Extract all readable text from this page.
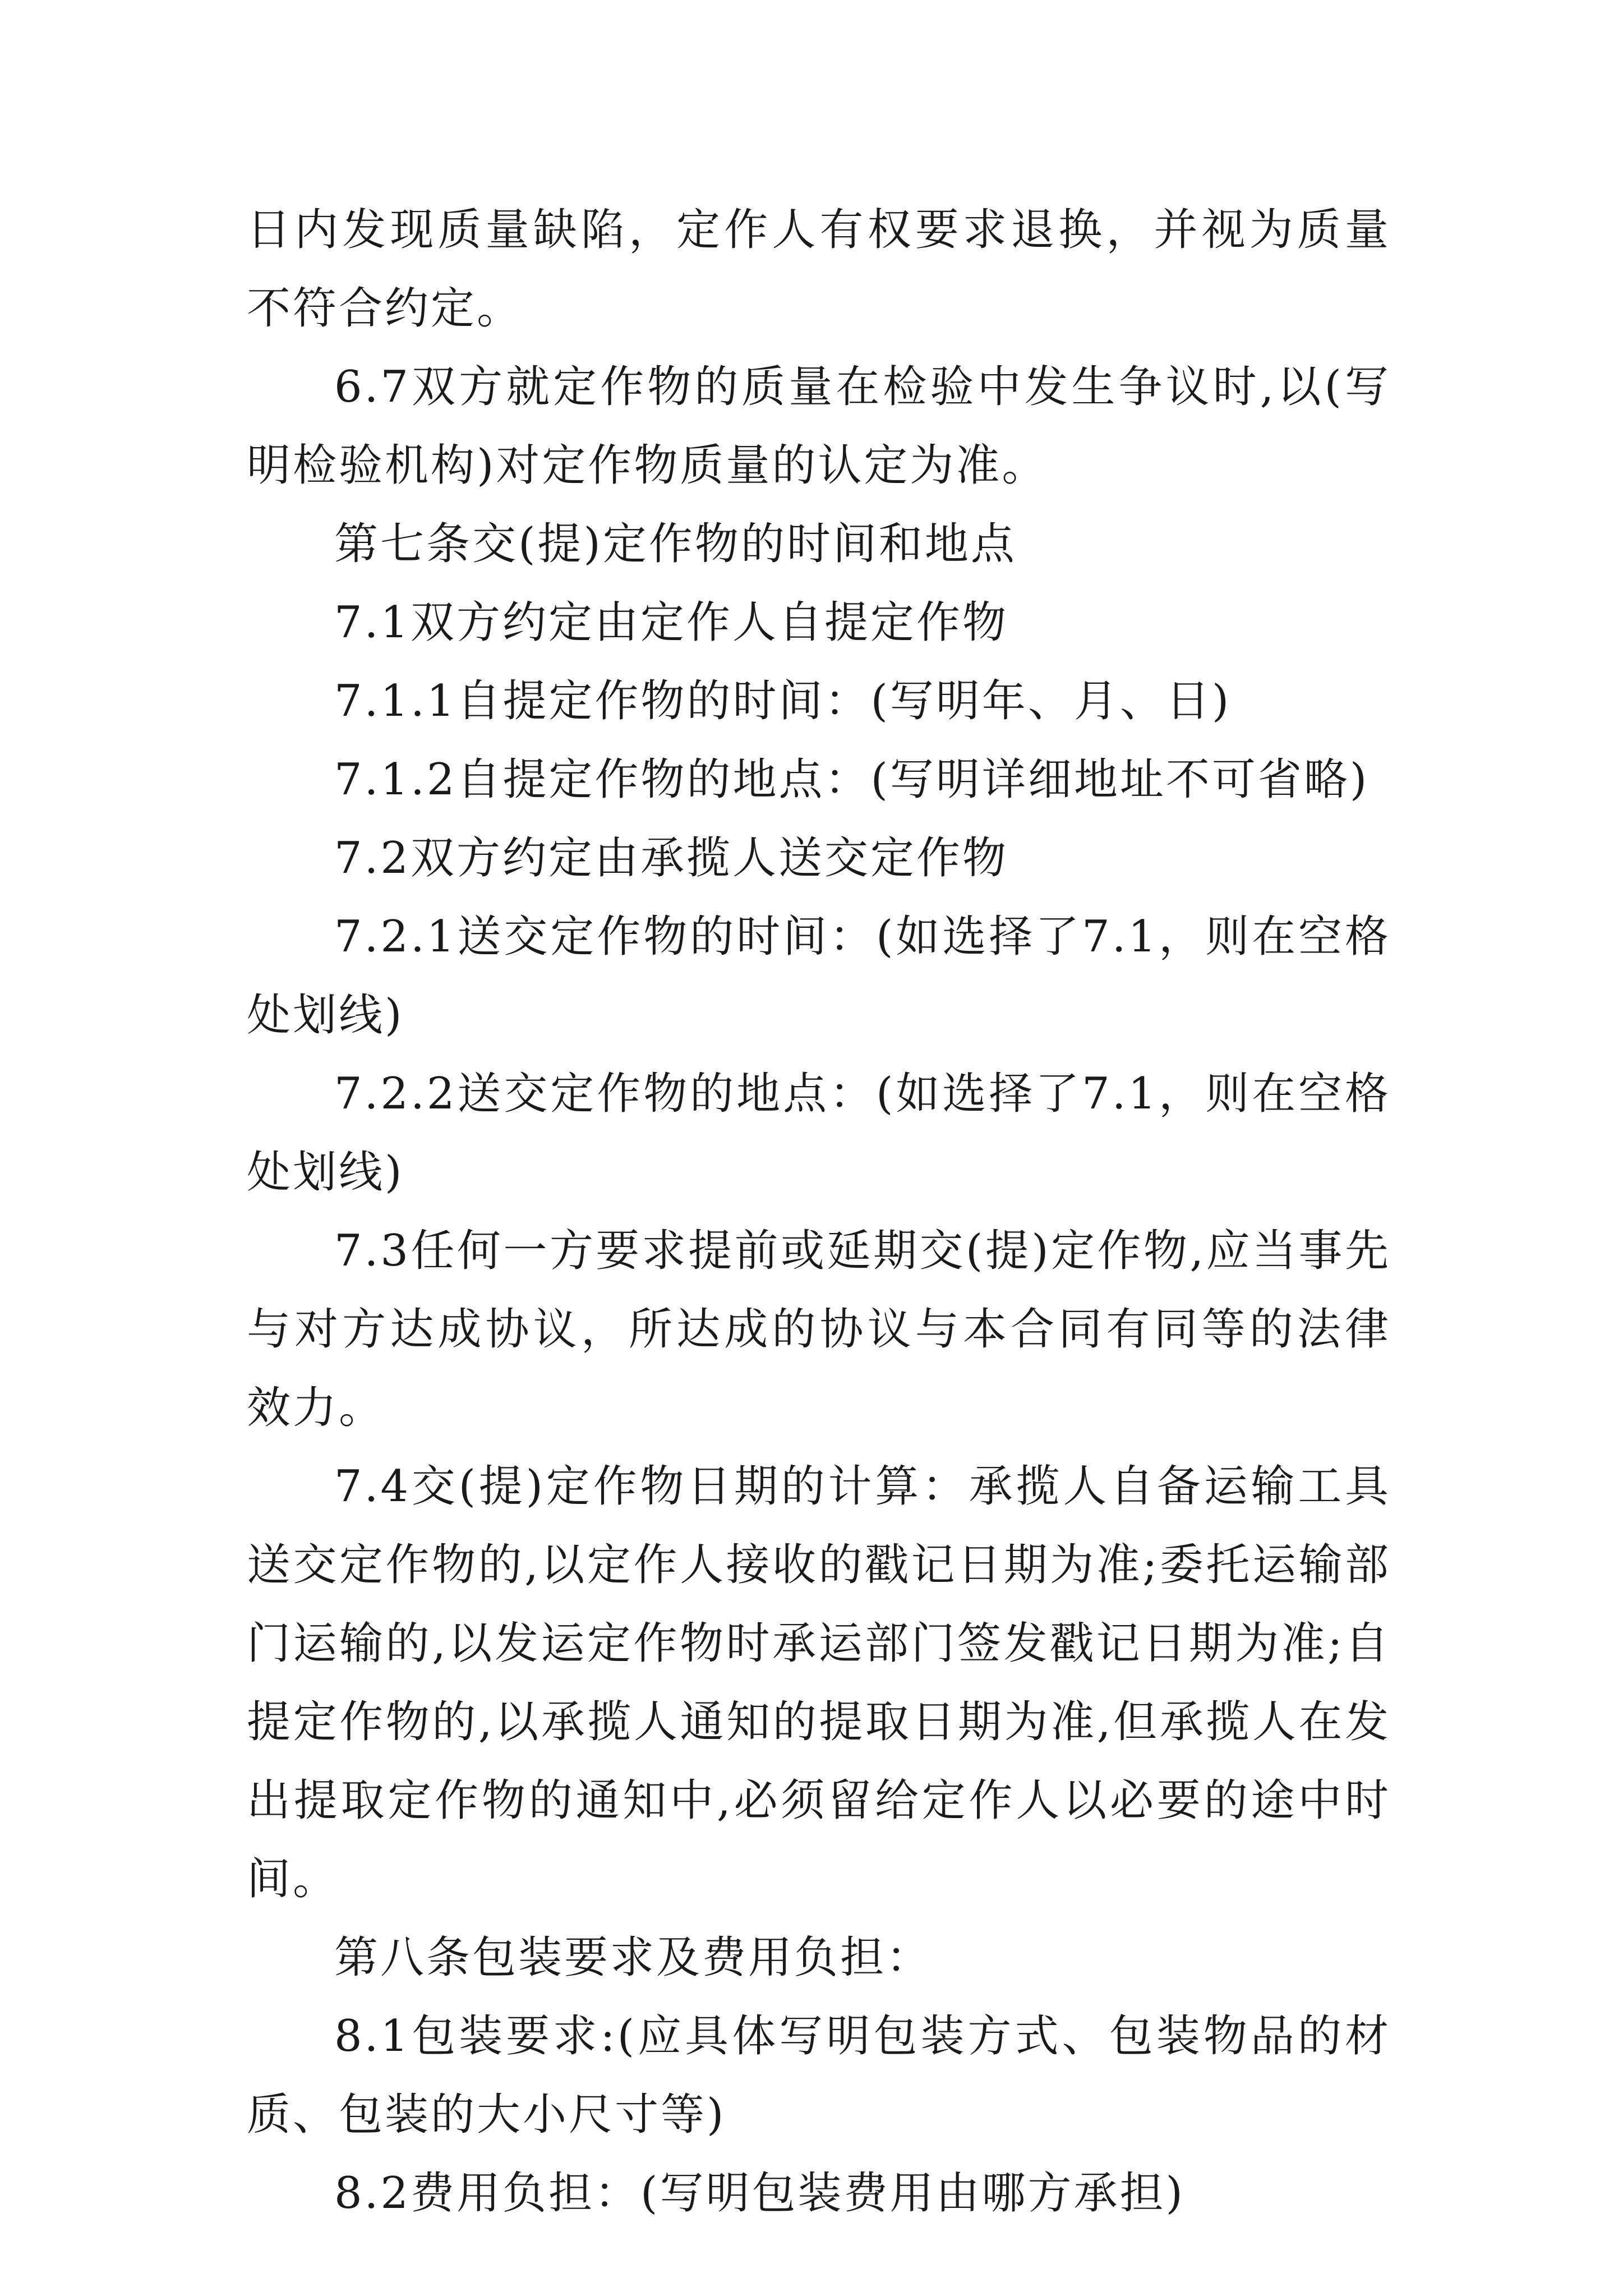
日内发现质量缺陷，定作人有权要求退换，并视为质量不符合约定。

6.7双方就定作物的质量在检验中发生争议时,以(写明检验机构)对定作物质量的认定为准。

第七条交(提)定作物的时间和地点

7.1双方约定由定作人自提定作物

7.1.1自提定作物的时间：(写明年、月、日)

7.1.2自提定作物的地点：(写明详细地址不可省略)

7.2双方约定由承揽人送交定作物

7.2.1送交定作物的时间：(如选择了7.1，则在空格处划线)

7.2.2送交定作物的地点：(如选择了7.1，则在空格处划线)

7.3任何一方要求提前或延期交(提)定作物,应当事先与对方达成协议，所达成的协议与本合同有同等的法律效力。

7.4交(提)定作物日期的计算：承揽人自备运输工具送交定作物的,以定作人接收的戳记日期为准;委托运输部门运输的,以发运定作物时承运部门签发戳记日期为准;自提定作物的,以承揽人通知的提取日期为准,但承揽人在发出提取定作物的通知中,必须留给定作人以必要的途中时间。

第八条包装要求及费用负担：

8.1包装要求:(应具体写明包装方式、包装物品的材质、包装的大小尺寸等)

8.2费用负担：(写明包装费用由哪方承担)
